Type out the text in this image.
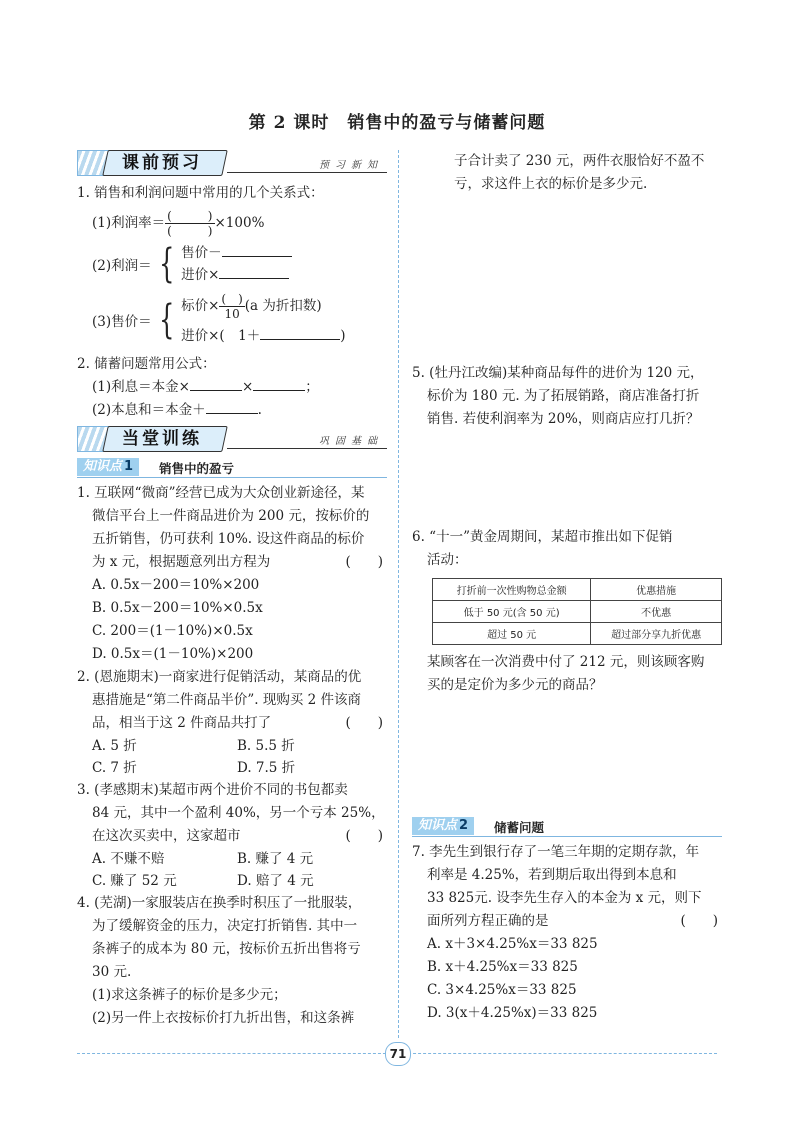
第 2 课时　销售中的盈亏与储蓄问题
课前预习	预习新知

1. 销售和利润问题中常用的几个关系式：

(1)利润率＝ $\frac{( )}{( )} \times 100\%$

(2)利润＝ { 售价－

进价×

(3)售价＝ { 标价× $\frac{( )}{10} (a$ 为折扣数)

进价×(　1＋	)

2. 储蓄问题常用公式：

(1)利息＝本金×	×	；

(2)本息和＝本金＋	.

当堂训练	巩固基础
知识点 1	销售中的盈亏

1. 互联网“微商”经营已成为大众创业新途径，某

微信平台上一件商品进价为 200 元，按标价的

五折销售，仍可获利 10%. 设这件商品的标价

为 x 元，根据题意列出方程为	(　　)

A. 0.5x－200＝10%×200

B. 0.5x－200＝10%×0.5x

C. 200＝(1－10%)×0.5x

D. 0.5x＝(1－10%)×200

2. (恩施期末)一商家进行促销活动，某商品的优

惠措施是“第二件商品半价”. 现购买 2 件该商

品，相当于这 2 件商品共打了	(　　)

A. 5 折	B. 5.5 折
C. 7 折	D. 7.5 折

3. (孝感期末)某超市两个进价不同的书包都卖

84 元，其中一个盈利 40%，另一个亏本 25%，

在这次买卖中，这家超市	(　　)

A. 不赚不赔	B. 赚了 4 元
C. 赚了 52 元	D. 赔了 4 元

4. (芜湖)一家服装店在换季时积压了一批服装，

为了缓解资金的压力，决定打折销售. 其中一

条裤子的成本为 80 元，按标价五折出售将亏

30 元.

(1)求这条裤子的标价是多少元；

(2)另一件上衣按标价打九折出售，和这条裤

子合计卖了 230 元，两件衣服恰好不盈不

亏，求这件上衣的标价是多少元.

5. (牡丹江改编)某种商品每件的进价为 120 元，

标价为 180 元. 为了拓展销路，商店准备打折

销售. 若使利润率为 20%，则商店应打几折？

6. “十一”黄金周期间，某超市推出如下促销

活动：

打折前一次性购物总金额	优惠措施
低于 50 元(含 50 元)	不优惠
超过 50 元	超过部分享九折优惠

某顾客在一次消费中付了 212 元，则该顾客购

买的是定价为多少元的商品？

知识点 2	储蓄问题

7. 李先生到银行存了一笔三年期的定期存款，年

利率是 4.25%，若到期后取出得到本息和

33 825元. 设李先生存入的本金为 x 元，则下

面所列方程正确的是	(　　)

A. x＋3×4.25%x＝33 825

B. x＋4.25%x＝33 825

C. 3×4.25%x＝33 825

D. 3(x＋4.25%x)＝33 825

71
